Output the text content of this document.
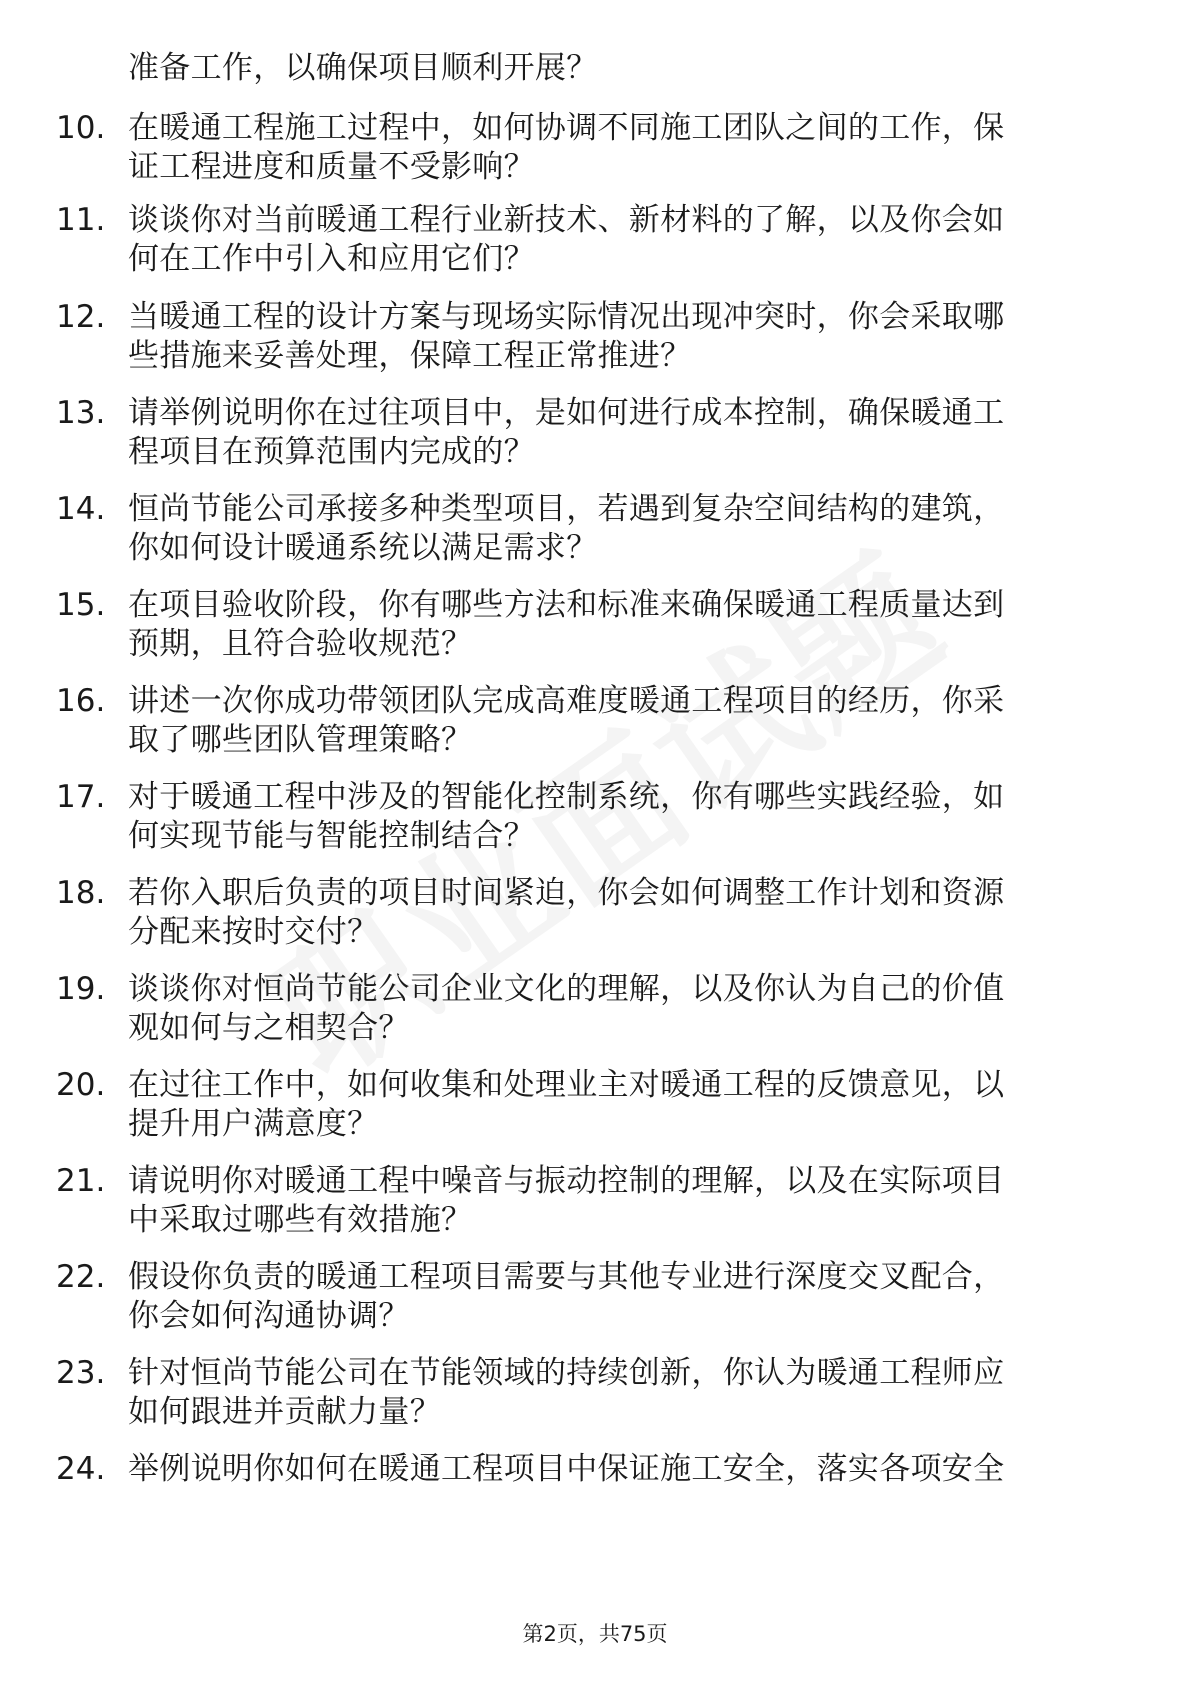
准备工作，以确保项目顺利开展？
10. 在暖通工程施工过程中，如何协调不同施工团队之间的工作，保
证工程进度和质量不受影响？
11. 谈谈你对当前暖通工程行业新技术、新材料的了解，以及你会如
何在工作中引入和应用它们？
12. 当暖通工程的设计方案与现场实际情况出现冲突时，你会采取哪
些措施来妥善处理，保障工程正常推进？
13. 请举例说明你在过往项目中，是如何进行成本控制，确保暖通工
程项目在预算范围内完成的？
14. 恒尚节能公司承接多种类型项目，若遇到复杂空间结构的建筑，
你如何设计暖通系统以满足需求？
15. 在项目验收阶段，你有哪些方法和标准来确保暖通工程质量达到
预期，且符合验收规范？
16. 讲述一次你成功带领团队完成高难度暖通工程项目的经历，你采
取了哪些团队管理策略？
17. 对于暖通工程中涉及的智能化控制系统，你有哪些实践经验，如
何实现节能与智能控制结合？
18. 若你入职后负责的项目时间紧迫，你会如何调整工作计划和资源
分配来按时交付？
19. 谈谈你对恒尚节能公司企业文化的理解，以及你认为自己的价值
观如何与之相契合？
20. 在过往工作中，如何收集和处理业主对暖通工程的反馈意见，以
提升用户满意度？
21. 请说明你对暖通工程中噪音与振动控制的理解，以及在实际项目
中采取过哪些有效措施？
22. 假设你负责的暖通工程项目需要与其他专业进行深度交叉配合，
你会如何沟通协调？
23. 针对恒尚节能公司在节能领域的持续创新，你认为暖通工程师应
如何跟进并贡献力量？
24. 举例说明你如何在暖通工程项目中保证施工安全，落实各项安全
第2页，共75页
